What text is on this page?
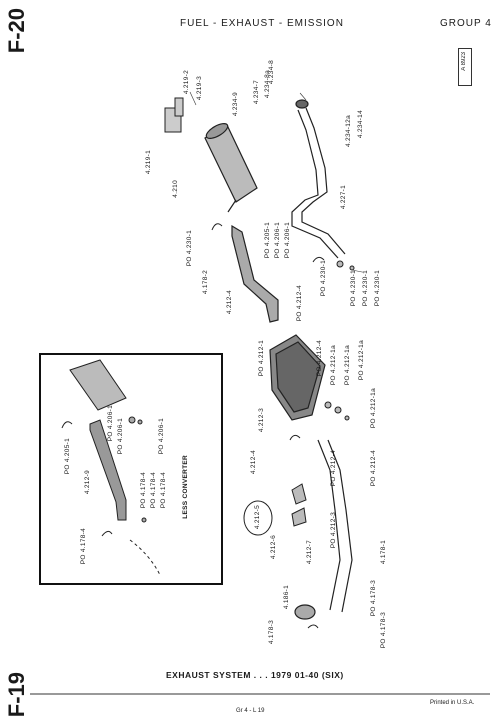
F-20	FUEL - EXHAUST - EMISSION	GROUP 4
A 8923
4.219-2 4.219-3
4.219-1
4.210
4.234-9 4.234-7 4.234-8a
4.234-8
4.234-12a 4.234-14
4.227-1
PO 4.230-1	PO 4.205-1 PO 4.206-1 PO 4.206-1
4.178-2
4.212-4	PO 4.212-4
PO 4.230-1	PO 4.230-1 PO 4.230-1 PO 4.230-1
PO 4.212-1	PO 4.212-4 PO 4.212-1a PO 4.212-1a PO 4.212-1a
PO 4.212-1a
4.212-3
4.212-4	PO 4.212-4	PO 4.212-4
4.212-5
4.212-6	4.212-7
PO 4.212-3
4.178-1
4.186-1
4.178-3
PO 4.178-3
PO 4.178-3
PO 4.205-1
4.212-9
PO 4.206-1 PO 4.206-1	PO 4.206-1
PO 4.178-4 PO 4.178-4 PO 4.178-4
PO 4.178-4
LESS CONVERTER
F-19	EXHAUST SYSTEM . . . 1979 01-40 (SIX)
Gr 4 - L 19
Printed in U.S.A.
